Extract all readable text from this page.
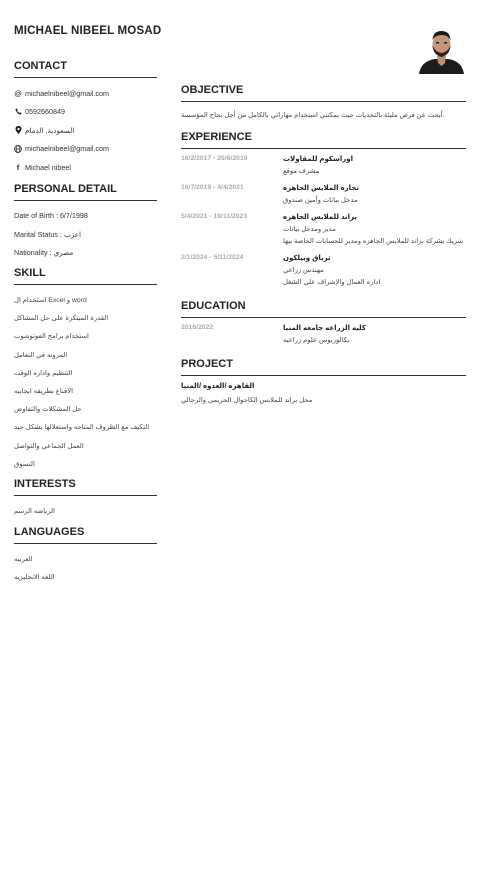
MICHAEL NIBEEL MOSAD
CONTACT
@ michaelnibeel@gmail.com
0592660849
السعودية, الدمام
michaelnibeel@gmail.com
f Michael nibeel
PERSONAL DETAIL
Date of Birth : 6/7/1998
Marital Status : اعزب
Nationality : مصري
SKILL
استخدام ال Excel و word
القدرة المبتكرة على حل المشاكل
استخدام برامج الفوتوشوب
المرونه في التعامل
التنظيم واداره الوقت
الاقناع بطريقه ايجابيه
حل المشكلات والتفاوض
التكيف مع الظروف المتاحه واستغلالها بشكل جيد
العمل الجماعي والتواصل
التسوق
INTERESTS
الرياضه الرسم
LANGUAGES
العربيه
اللغه الانجليزيه
OBJECTIVE
أبحث عن فرص مليئة بالتحديات حيث يمكنني استخدام مهاراتي بالكامل من أجل نجاح المؤسسة.
EXPERIENCE
16/2/2017 - 25/6/2019	اوراسكوم للمقاولات
مشرف موقع
16/7/2019 - 4/4/2021	تجاره الملابس الجاهزه
مدخل بيانات وأمين صندوق
5/4/2021 - 19/11/2023	براند للملابس الجاهزه
مدير ومدخل بيانات
شريك بشركة براند للملابس الجاهزه ومدير للحسابات الخاصة بيها
2/1/2024 - 5/11/2024	ترياق وبيلكون
مهندس زراعي
اداره العمال والإشراف علي الشغل
EDUCATION
2016/2022	كليه الزراعه جامعه المنيا
بكالوريوس علوم زراعيه
PROJECT
القاهره /العدوه /المنيا
محل براند للملابس الكاجوال الحريمي والرجالي
